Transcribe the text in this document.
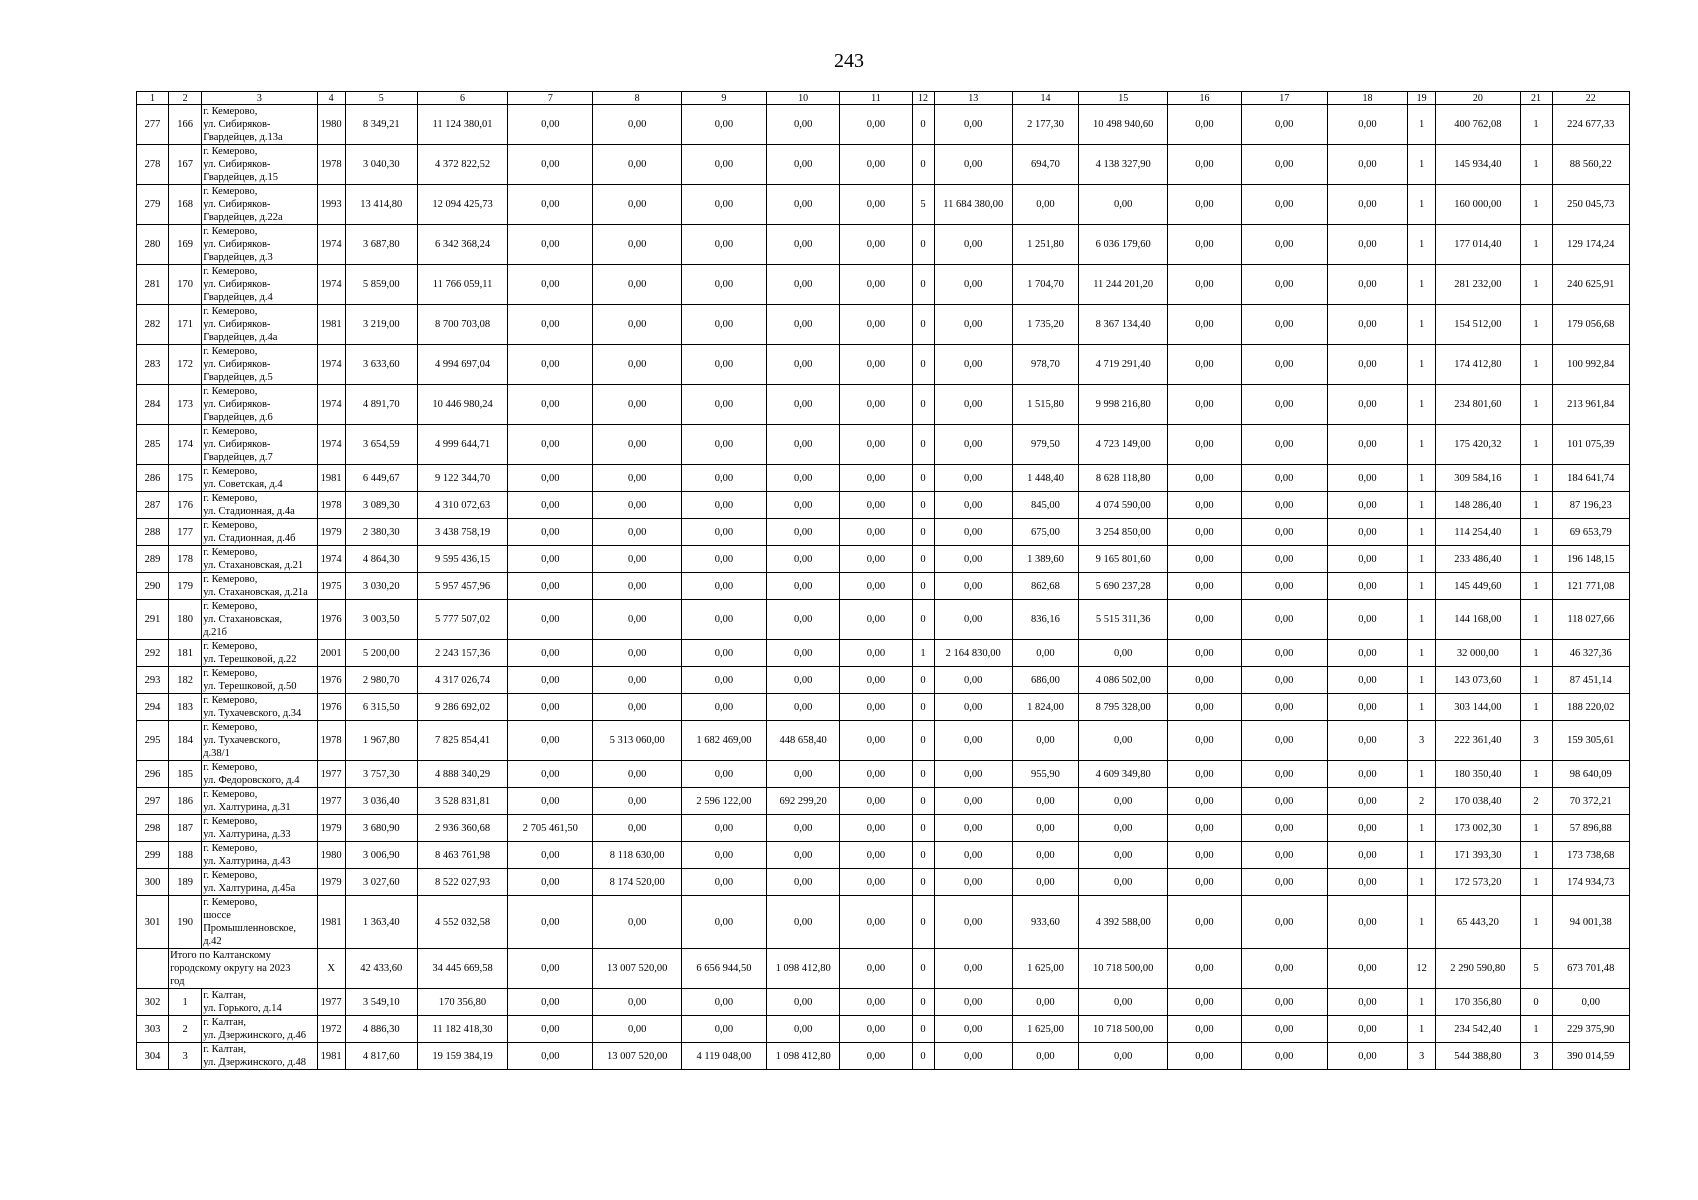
243
1	2	3	4	5	6	7	8	9	10	11	12	13	14	15	16	17	18	19	20	21	22
277	166	г. Кемерово,
ул. Сибиряков-
Гвардейцев, д.13а	1980	8 349,21	11 124 380,01	0,00	0,00	0,00	0,00	0,00	0	0,00	2 177,30	10 498 940,60	0,00	0,00	0,00	1	400 762,08	1	224 677,33
278	167	г. Кемерово,
ул. Сибиряков-
Гвардейцев, д.15	1978	3 040,30	4 372 822,52	0,00	0,00	0,00	0,00	0,00	0	0,00	694,70	4 138 327,90	0,00	0,00	0,00	1	145 934,40	1	88 560,22
279	168	г. Кемерово,
ул. Сибиряков-
Гвардейцев, д.22а	1993	13 414,80	12 094 425,73	0,00	0,00	0,00	0,00	0,00	5	11 684 380,00	0,00	0,00	0,00	0,00	0,00	1	160 000,00	1	250 045,73
280	169	г. Кемерово,
ул. Сибиряков-
Гвардейцев, д.3	1974	3 687,80	6 342 368,24	0,00	0,00	0,00	0,00	0,00	0	0,00	1 251,80	6 036 179,60	0,00	0,00	0,00	1	177 014,40	1	129 174,24
281	170	г. Кемерово,
ул. Сибиряков-
Гвардейцев, д.4	1974	5 859,00	11 766 059,11	0,00	0,00	0,00	0,00	0,00	0	0,00	1 704,70	11 244 201,20	0,00	0,00	0,00	1	281 232,00	1	240 625,91
282	171	г. Кемерово,
ул. Сибиряков-
Гвардейцев, д.4а	1981	3 219,00	8 700 703,08	0,00	0,00	0,00	0,00	0,00	0	0,00	1 735,20	8 367 134,40	0,00	0,00	0,00	1	154 512,00	1	179 056,68
283	172	г. Кемерово,
ул. Сибиряков-
Гвардейцев, д.5	1974	3 633,60	4 994 697,04	0,00	0,00	0,00	0,00	0,00	0	0,00	978,70	4 719 291,40	0,00	0,00	0,00	1	174 412,80	1	100 992,84
284	173	г. Кемерово,
ул. Сибиряков-
Гвардейцев, д.6	1974	4 891,70	10 446 980,24	0,00	0,00	0,00	0,00	0,00	0	0,00	1 515,80	9 998 216,80	0,00	0,00	0,00	1	234 801,60	1	213 961,84
285	174	г. Кемерово,
ул. Сибиряков-
Гвардейцев, д.7	1974	3 654,59	4 999 644,71	0,00	0,00	0,00	0,00	0,00	0	0,00	979,50	4 723 149,00	0,00	0,00	0,00	1	175 420,32	1	101 075,39
286	175	г. Кемерово,
ул. Советская, д.4	1981	6 449,67	9 122 344,70	0,00	0,00	0,00	0,00	0,00	0	0,00	1 448,40	8 628 118,80	0,00	0,00	0,00	1	309 584,16	1	184 641,74
287	176	г. Кемерово,
ул. Стадионная, д.4а	1978	3 089,30	4 310 072,63	0,00	0,00	0,00	0,00	0,00	0	0,00	845,00	4 074 590,00	0,00	0,00	0,00	1	148 286,40	1	87 196,23
288	177	г. Кемерово,
ул. Стадионная, д.4б	1979	2 380,30	3 438 758,19	0,00	0,00	0,00	0,00	0,00	0	0,00	675,00	3 254 850,00	0,00	0,00	0,00	1	114 254,40	1	69 653,79
289	178	г. Кемерово,
ул. Стахановская, д.21	1974	4 864,30	9 595 436,15	0,00	0,00	0,00	0,00	0,00	0	0,00	1 389,60	9 165 801,60	0,00	0,00	0,00	1	233 486,40	1	196 148,15
290	179	г. Кемерово,
ул. Стахановская, д.21а	1975	3 030,20	5 957 457,96	0,00	0,00	0,00	0,00	0,00	0	0,00	862,68	5 690 237,28	0,00	0,00	0,00	1	145 449,60	1	121 771,08
291	180	г. Кемерово,
ул. Стахановская,
д.21б	1976	3 003,50	5 777 507,02	0,00	0,00	0,00	0,00	0,00	0	0,00	836,16	5 515 311,36	0,00	0,00	0,00	1	144 168,00	1	118 027,66
292	181	г. Кемерово,
ул. Терешковой, д.22	2001	5 200,00	2 243 157,36	0,00	0,00	0,00	0,00	0,00	1	2 164 830,00	0,00	0,00	0,00	0,00	0,00	1	32 000,00	1	46 327,36
293	182	г. Кемерово,
ул. Терешковой, д.50	1976	2 980,70	4 317 026,74	0,00	0,00	0,00	0,00	0,00	0	0,00	686,00	4 086 502,00	0,00	0,00	0,00	1	143 073,60	1	87 451,14
294	183	г. Кемерово,
ул. Тухачевского, д.34	1976	6 315,50	9 286 692,02	0,00	0,00	0,00	0,00	0,00	0	0,00	1 824,00	8 795 328,00	0,00	0,00	0,00	1	303 144,00	1	188 220,02
295	184	г. Кемерово,
ул. Тухачевского,
д.38/1	1978	1 967,80	7 825 854,41	0,00	5 313 060,00	1 682 469,00	448 658,40	0,00	0	0,00	0,00	0,00	0,00	0,00	0,00	3	222 361,40	3	159 305,61
296	185	г. Кемерово,
ул. Федоровского, д.4	1977	3 757,30	4 888 340,29	0,00	0,00	0,00	0,00	0,00	0	0,00	955,90	4 609 349,80	0,00	0,00	0,00	1	180 350,40	1	98 640,09
297	186	г. Кемерово,
ул. Халтурина, д.31	1977	3 036,40	3 528 831,81	0,00	0,00	2 596 122,00	692 299,20	0,00	0	0,00	0,00	0,00	0,00	0,00	0,00	2	170 038,40	2	70 372,21
298	187	г. Кемерово,
ул. Халтурина, д.33	1979	3 680,90	2 936 360,68	2 705 461,50	0,00	0,00	0,00	0,00	0	0,00	0,00	0,00	0,00	0,00	0,00	1	173 002,30	1	57 896,88
299	188	г. Кемерово,
ул. Халтурина, д.43	1980	3 006,90	8 463 761,98	0,00	8 118 630,00	0,00	0,00	0,00	0	0,00	0,00	0,00	0,00	0,00	0,00	1	171 393,30	1	173 738,68
300	189	г. Кемерово,
ул. Халтурина, д.45а	1979	3 027,60	8 522 027,93	0,00	8 174 520,00	0,00	0,00	0,00	0	0,00	0,00	0,00	0,00	0,00	0,00	1	172 573,20	1	174 934,73
301	190	г. Кемерово,
шоссе
Промышленновское,
д.42	1981	1 363,40	4 552 032,58	0,00	0,00	0,00	0,00	0,00	0	0,00	933,60	4 392 588,00	0,00	0,00	0,00	1	65 443,20	1	94 001,38
	Итого по Калтанскому
городскому округу на 2023
год		X	42 433,60	34 445 669,58	0,00	13 007 520,00	6 656 944,50	1 098 412,80	0,00	0	0,00	1 625,00	10 718 500,00	0,00	0,00	0,00	12	2 290 590,80	5	673 701,48
302	1	г. Калтан,
ул. Горького, д.14	1977	3 549,10	170 356,80	0,00	0,00	0,00	0,00	0,00	0	0,00	0,00	0,00	0,00	0,00	0,00	1	170 356,80	0	0,00
303	2	г. Калтан,
ул. Дзержинского, д.46	1972	4 886,30	11 182 418,30	0,00	0,00	0,00	0,00	0,00	0	0,00	1 625,00	10 718 500,00	0,00	0,00	0,00	1	234 542,40	1	229 375,90
304	3	г. Калтан,
ул. Дзержинского, д.48	1981	4 817,60	19 159 384,19	0,00	13 007 520,00	4 119 048,00	1 098 412,80	0,00	0	0,00	0,00	0,00	0,00	0,00	0,00	3	544 388,80	3	390 014,59
